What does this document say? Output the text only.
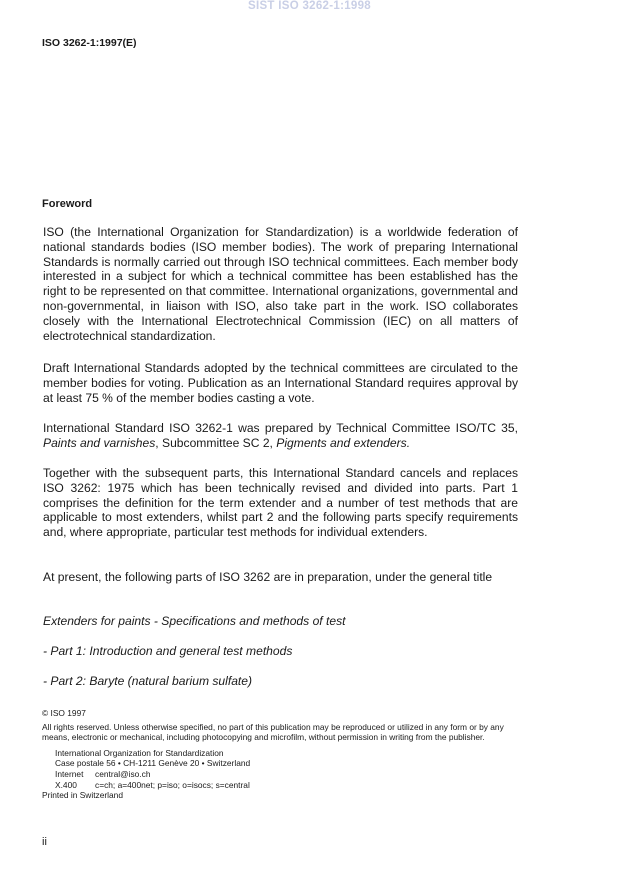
SIST ISO 3262-1:1998
ISO 3262-1:1997(E)
Foreword

ISO (the International Organization for Standardization) is a worldwide federation of national standards bodies (ISO member bodies). The work of preparing International Standards is normally carried out through ISO technical committees. Each member body interested in a subject for which a technical committee has been established has the right to be represented on that committee. International organizations, governmental and non-governmental, in liaison with ISO, also take part in the work. ISO collaborates closely with the International Electrotechnical Commission (IEC) on all matters of electrotechnical standardization.

Draft International Standards adopted by the technical committees are circulated to the member bodies for voting. Publication as an International Standard requires approval by at least 75 % of the member bodies casting a vote.

International Standard ISO 3262-1 was prepared by Technical Committee ISO/TC 35, Paints and varnishes, Subcommittee SC 2, Pigments and extenders.

Together with the subsequent parts, this International Standard cancels and replaces ISO 3262: 1975 which has been technically revised and divided into parts. Part 1 comprises the definition for the term extender and a number of test methods that are applicable to most extenders, whilst part 2 and the following parts specify requirements and, where appropriate, particular test methods for individual extenders.

At present, the following parts of ISO 3262 are in preparation, under the general title

Extenders for paints - Specifications and methods of test

- Part 1: Introduction and general test methods

- Part 2: Baryte (natural barium sulfate)

© ISO 1997

All rights reserved. Unless otherwise specified, no part of this publication may be reproduced or utilized in any form or by any means, electronic or mechanical, including photocopying and microfilm, without permission in writing from the publisher.

International Organization for Standardization

Case postale 56 • CH-1211 Genève 20 • Switzerland

Internet	central@iso.ch
X.400	c=ch; a=400net; p=iso; o=isocs; s=central

Printed in Switzerland

ii
